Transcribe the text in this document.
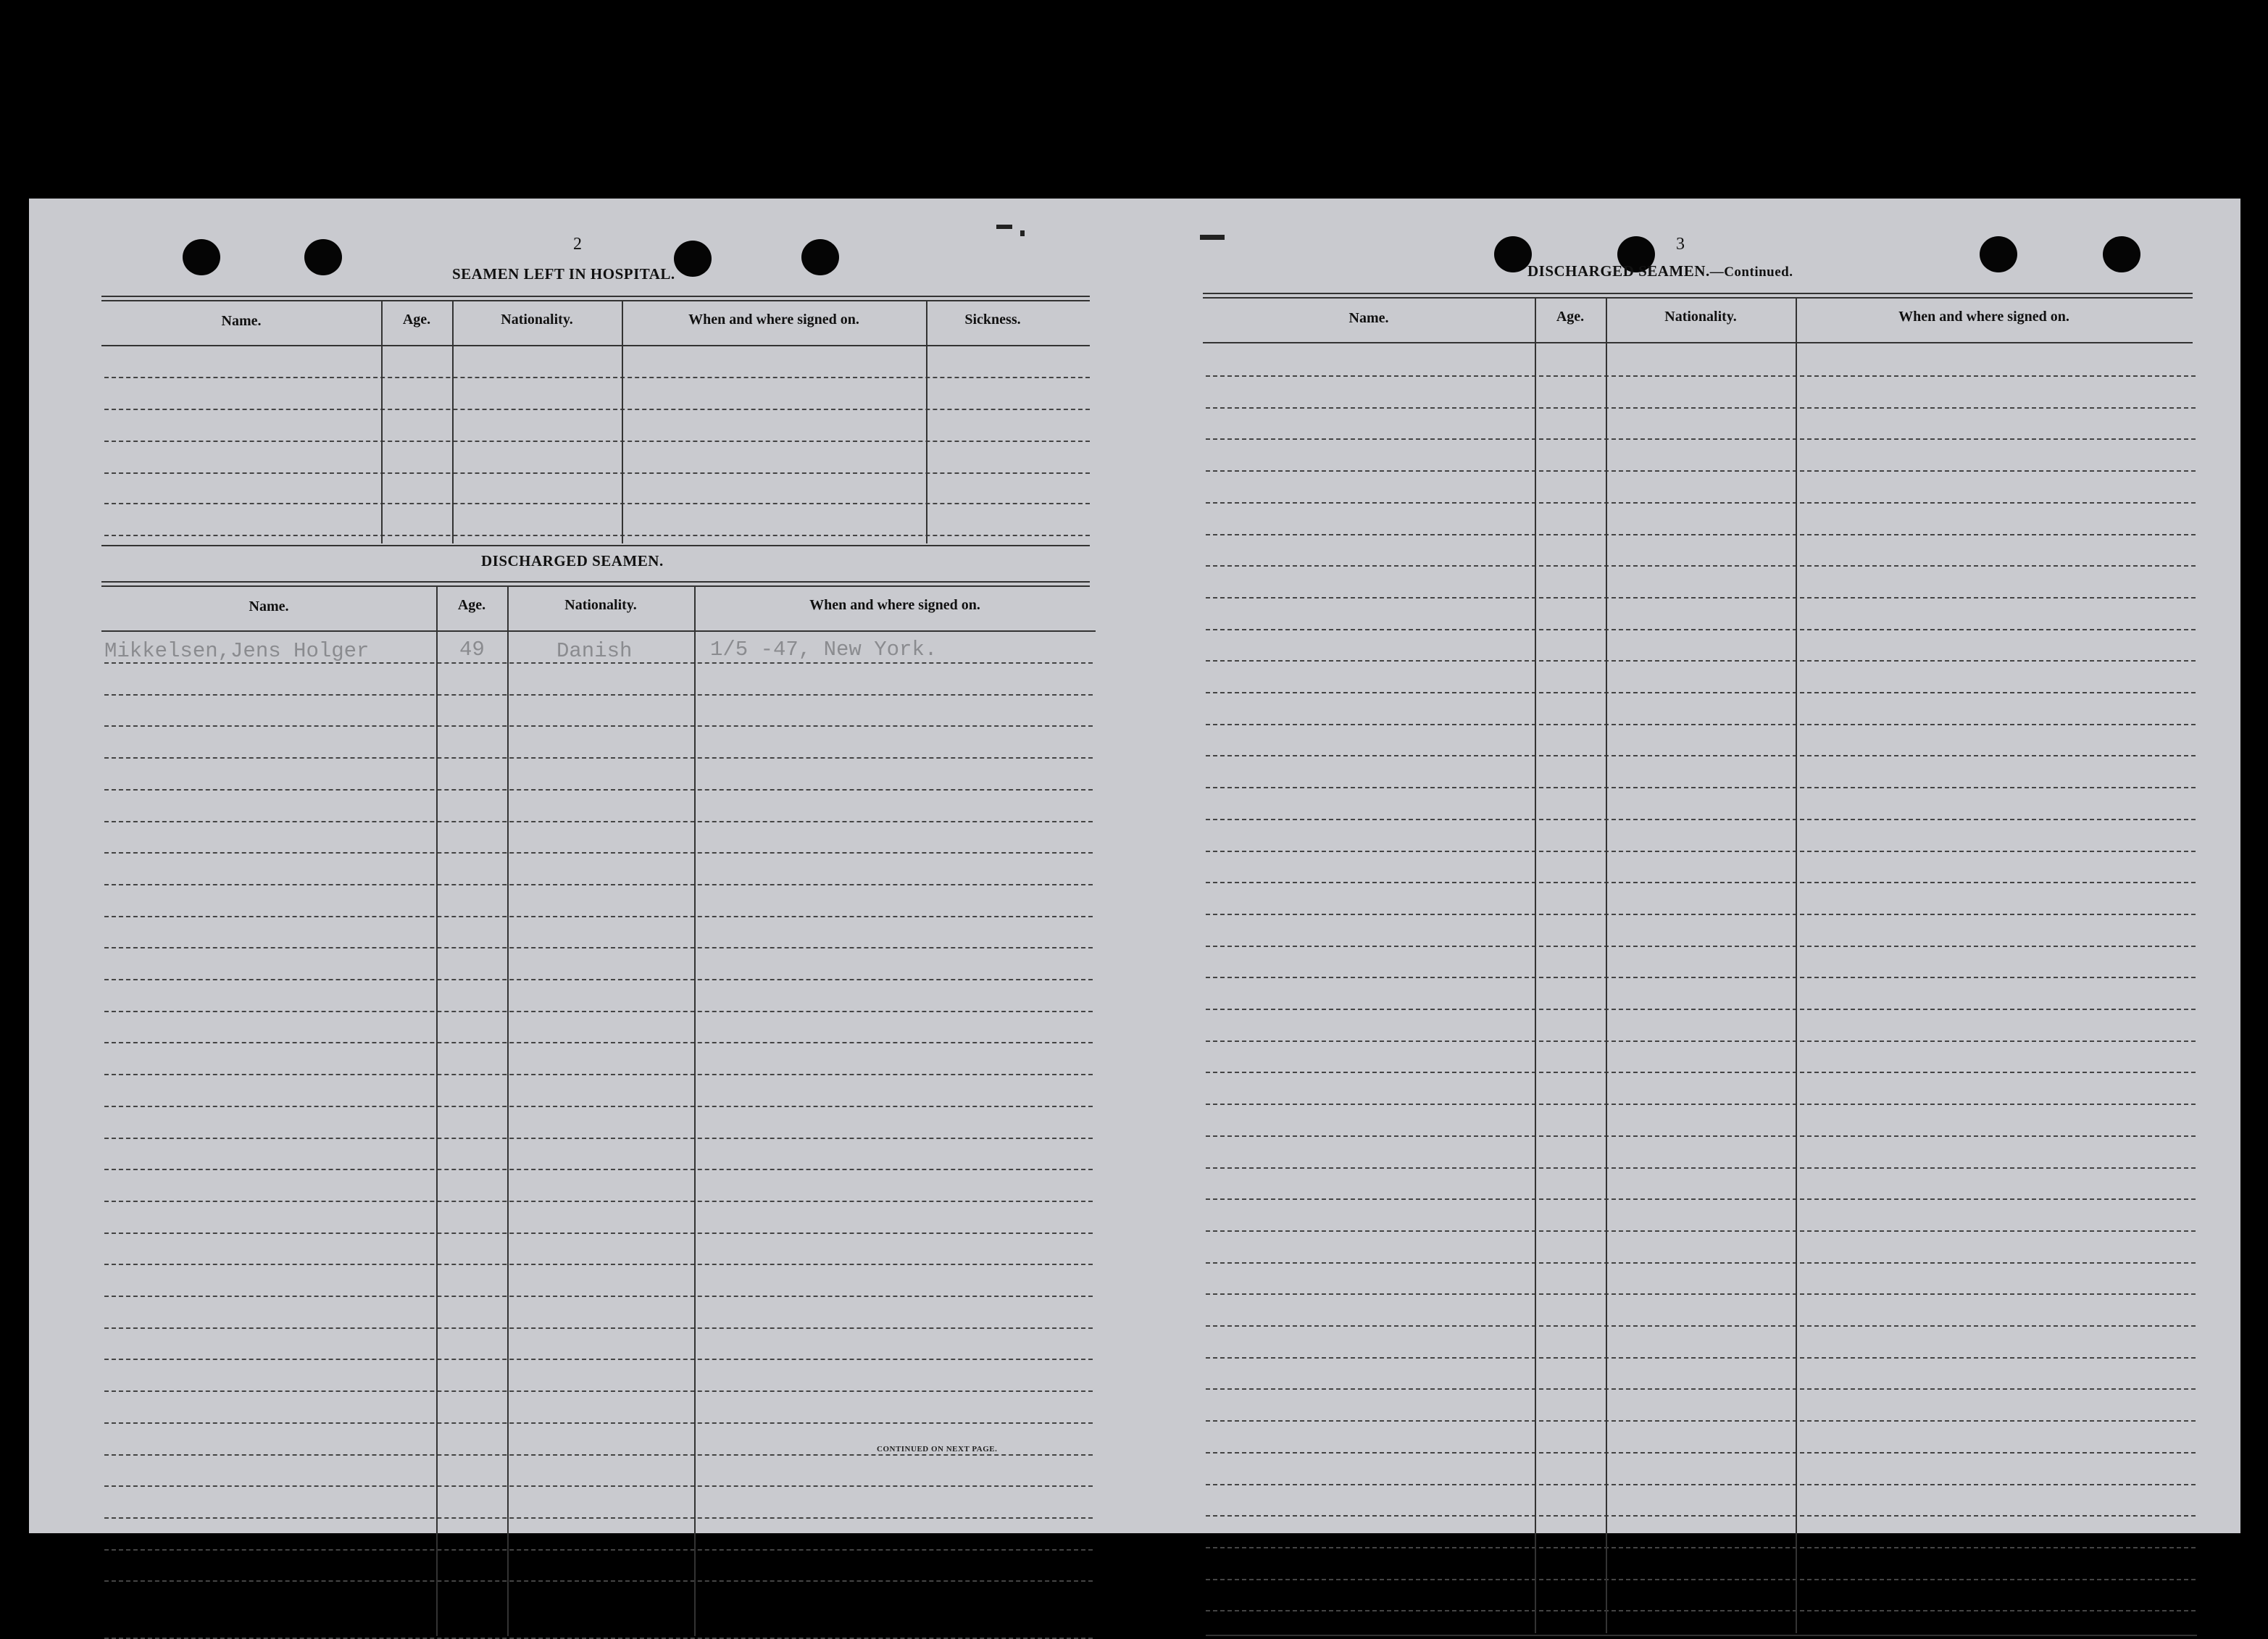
2
SEAMEN LEFT IN HOSPITAL.
Name.	Age.	Nationality.	When and where signed on.	Sickness.
DISCHARGED SEAMEN.
Name.	Age.	Nationality.	When and where signed on.
Mikkelsen,Jens Holger	49	Danish	1/5 -47, New York.
CONTINUED ON NEXT PAGE.
3
DISCHARGED SEAMEN.—Continued.
Name.	Age.	Nationality.	When and where signed on.
